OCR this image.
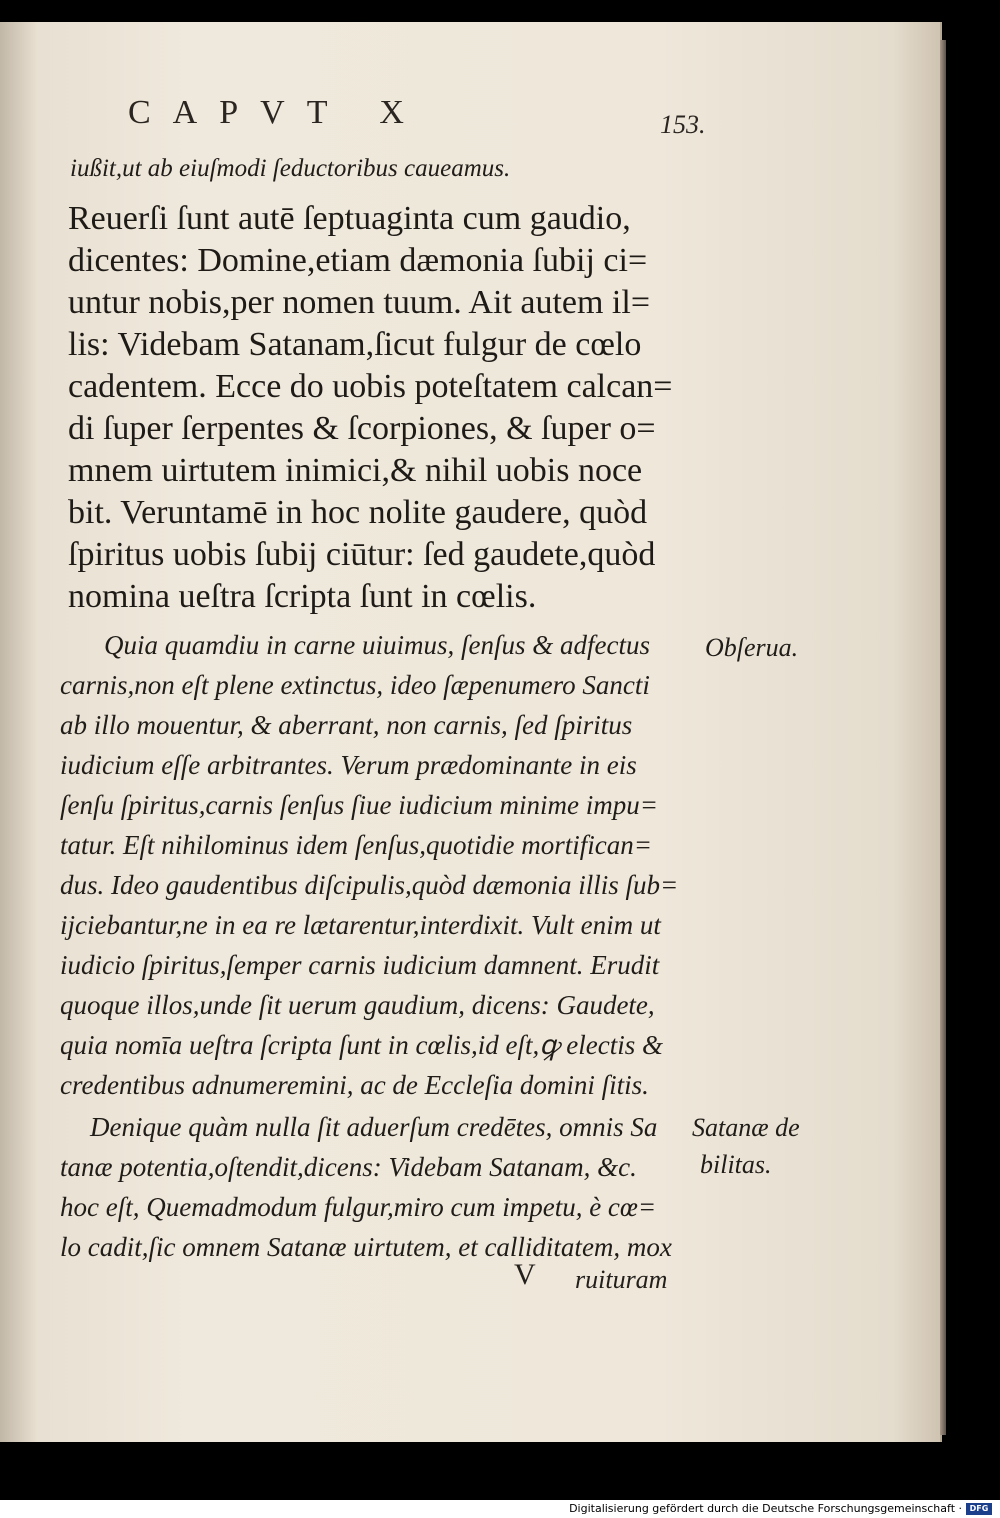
CAPVT X	153.
iußit,ut ab eiuſmodi ſeductoribus caueamus.
Reuerſi ſunt autē ſeptuaginta cum gaudio,
dicentes: Domine,etiam dæmonia ſubij ci=
untur nobis,per nomen tuum. Ait autem il=
lis: Videbam Satanam,ſicut fulgur de cœlo
cadentem. Ecce do uobis poteſtatem calcan=
di ſuper ſerpentes & ſcorpiones, & ſuper o=
mnem uirtutem inimici,& nihil uobis noce
bit. Veruntamē in hoc nolite gaudere, quòd
ſpiritus uobis ſubij ciūtur: ſed gaudete,quòd
nomina ueſtra ſcripta ſunt in cœlis.
Quia quamdiu in carne uiuimus, ſenſus & adfectus
carnis,non eſt plene extinctus, ideo ſæpenumero Sancti
ab illo mouentur, & aberrant, non carnis, ſed ſpiritus
iudicium eſſe arbitrantes. Verum prædominante in eis
ſenſu ſpiritus,carnis ſenſus ſiue iudicium minime impu=
tatur. Eſt nihilominus idem ſenſus,quotidie mortifican=
dus. Ideo gaudentibus diſcipulis,quòd dæmonia illis ſub=
ijciebantur,ne in ea re lætarentur,interdixit. Vult enim ut
iudicio ſpiritus,ſemper carnis iudicium damnent. Erudit
quoque illos,unde ſit uerum gaudium, dicens: Gaudete,
quia nomīa ueſtra ſcripta ſunt in cœlis,id eſt,ꝙ electis &
credentibus adnumeremini, ac de Eccleſia domini ſitis.
Denique quàm nulla ſit aduerſum credētes, omnis Sa
tanæ potentia,oſtendit,dicens: Videbam Satanam, &c.
hoc eſt, Quemadmodum fulgur,miro cum impetu, è cœ=
lo cadit,ſic omnem Satanæ uirtutem, et calliditatem, mox
Obſerua.
Satanæ de
bilitas.
V ruituram
Digitalisierung gefördert durch die Deutsche Forschungsgemeinschaft · DFG
